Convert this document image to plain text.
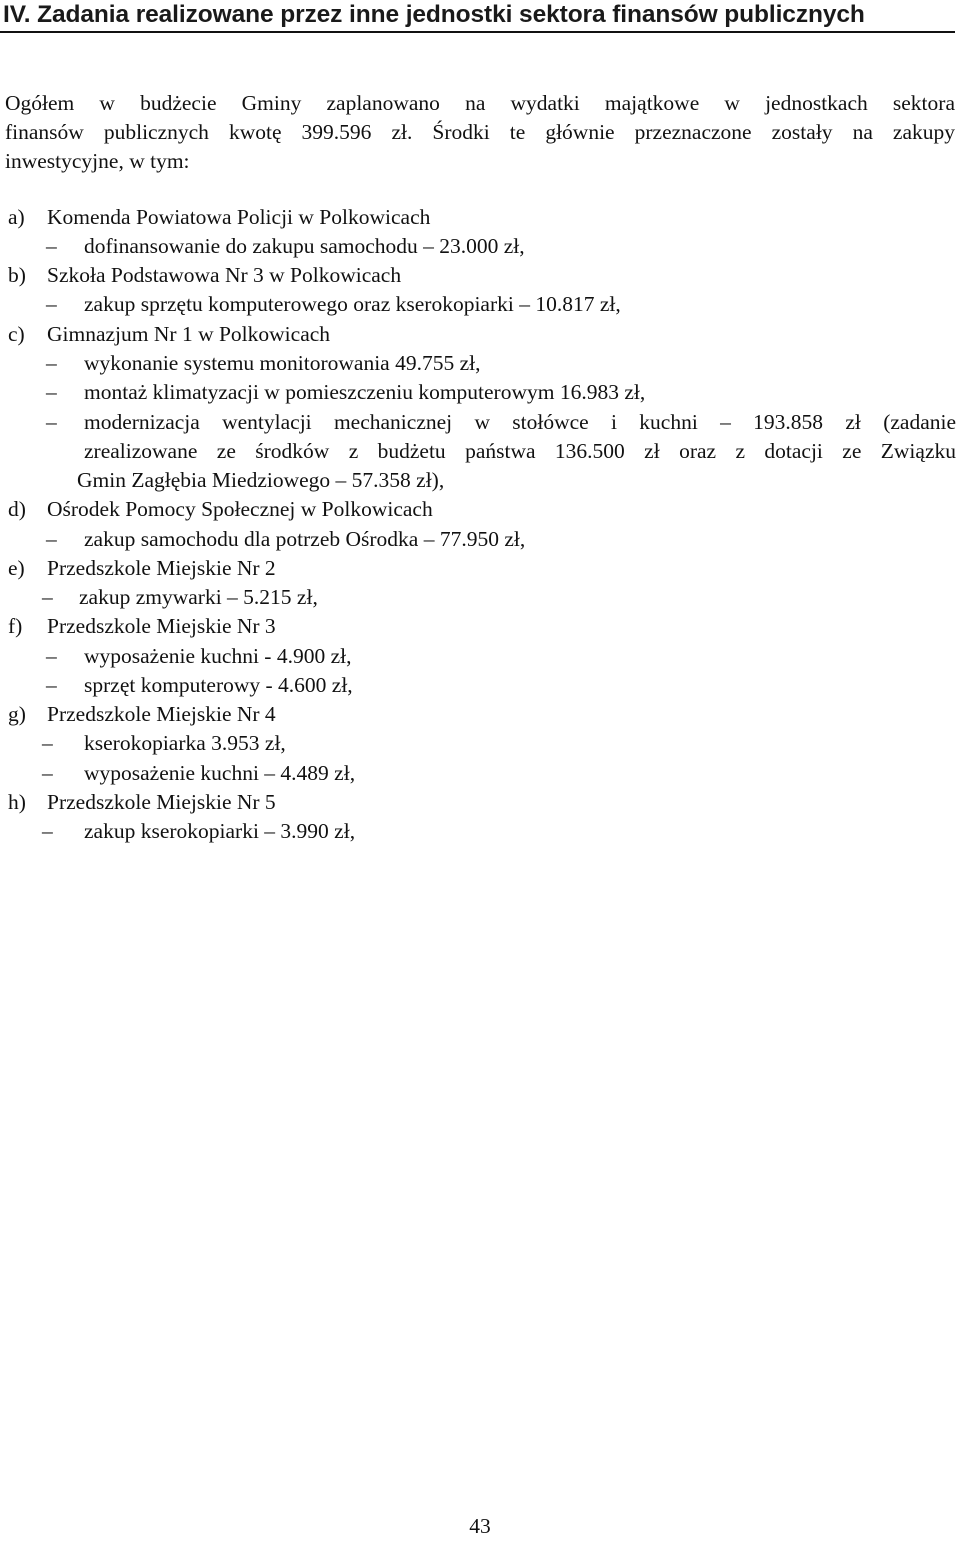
IV. Zadania realizowane przez inne jednostki sektora finansów publicznych
Ogółem w budżecie Gminy zaplanowano na wydatki majątkowe w jednostkach sektora
finansów publicznych kwotę 399.596 zł. Środki te głównie przeznaczone zostały na zakupy
inwestycyjne, w tym:
a) Komenda Powiatowa Policji w Polkowicach
– dofinansowanie do zakupu samochodu – 23.000 zł,
b) Szkoła Podstawowa Nr 3 w Polkowicach
– zakup sprzętu komputerowego oraz kserokopiarki – 10.817 zł,
c) Gimnazjum Nr 1 w Polkowicach
– wykonanie systemu monitorowania 49.755 zł,
– montaż klimatyzacji w pomieszczeniu komputerowym 16.983 zł,
– modernizacja wentylacji mechanicznej w stołówce i kuchni – 193.858 zł (zadanie
zrealizowane ze środków z budżetu państwa 136.500 zł oraz z dotacji ze Związku
Gmin Zagłębia Miedziowego – 57.358 zł),
d) Ośrodek Pomocy Społecznej w Polkowicach
– zakup samochodu dla potrzeb Ośrodka – 77.950 zł,
e) Przedszkole Miejskie Nr 2
– zakup zmywarki – 5.215 zł,
f) Przedszkole Miejskie Nr 3
– wyposażenie kuchni - 4.900 zł,
– sprzęt komputerowy - 4.600 zł,
g) Przedszkole Miejskie Nr 4
– kserokopiarka 3.953 zł,
– wyposażenie kuchni – 4.489 zł,
h) Przedszkole Miejskie Nr 5
– zakup kserokopiarki – 3.990 zł,
43
